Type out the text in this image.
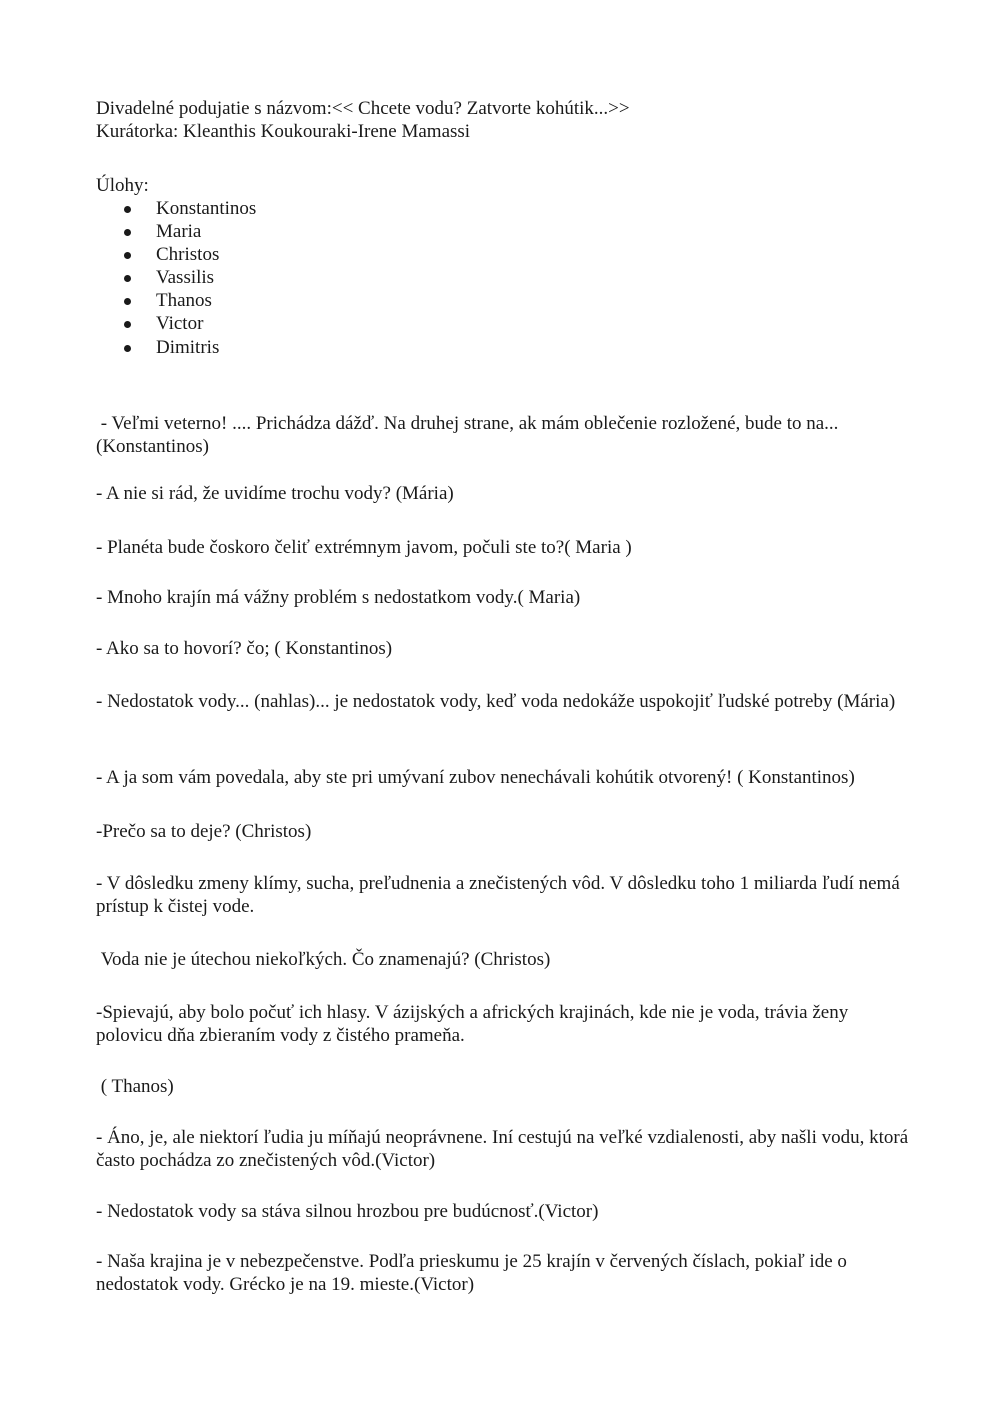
Divadelné podujatie s názvom:<< Chcete vodu? Zatvorte kohútik...>>
Kurátorka: Kleanthis Koukouraki-Irene Mamassi
Úlohy:
Konstantinos
Maria
Christos
Vassilis
Thanos
Victor
Dimitris
- Veľmi veterno! .... Prichádza dážď. Na druhej strane, ak mám oblečenie rozložené, bude to na... (Konstantinos)
- A nie si rád, že uvidíme trochu vody? (Mária)
- Planéta bude čoskoro čeliť extrémnym javom, počuli ste to?( Maria )
- Mnoho krajín má vážny problém s nedostatkom vody.( Maria)
- Ako sa to hovorí? čo; ( Konstantinos)
- Nedostatok vody... (nahlas)... je nedostatok vody, keď voda nedokáže uspokojiť ľudské potreby (Mária)
- A ja som vám povedala, aby ste pri umývaní zubov nenechávali kohútik otvorený! ( Konstantinos)
-Prečo sa to deje? (Christos)
- V dôsledku zmeny klímy, sucha, preľudnenia a znečistených vôd. V dôsledku toho 1 miliarda ľudí nemá prístup k čistej vode.
Voda nie je útechou niekoľkých. Čo znamenajú? (Christos)
-Spievajú, aby bolo počuť ich hlasy. V ázijských a afrických krajinách, kde nie je voda, trávia ženy polovicu dňa zbieraním vody z čistého prameňa.
( Thanos)
- Áno, je, ale niektorí ľudia ju míňajú neoprávnene. Iní cestujú na veľké vzdialenosti, aby našli vodu, ktorá často pochádza zo znečistených vôd.(Victor)
- Nedostatok vody sa stáva silnou hrozbou pre budúcnosť.(Victor)
- Naša krajina je v nebezpečenstve. Podľa prieskumu je 25 krajín v červených číslach, pokiaľ ide o nedostatok vody. Grécko je na 19. mieste.(Victor)
